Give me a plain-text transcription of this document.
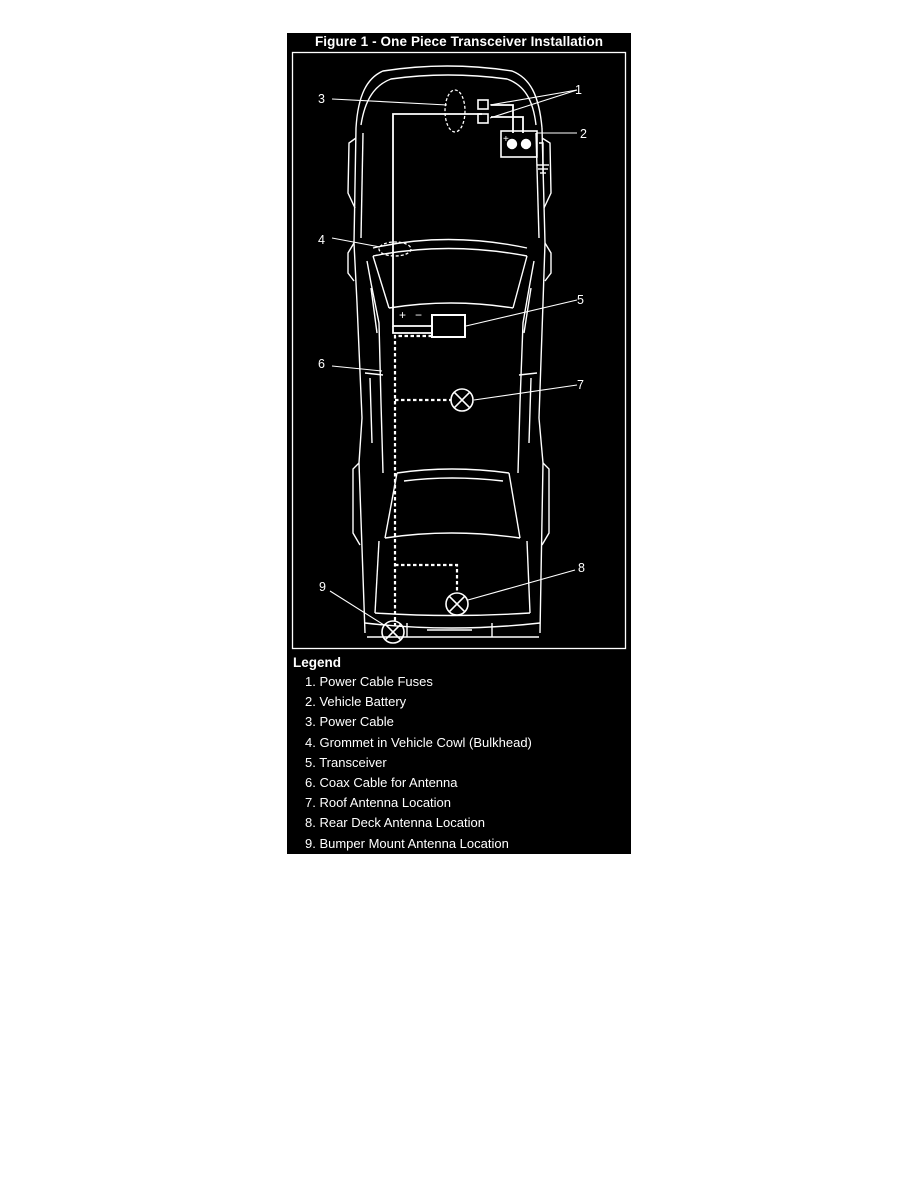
1
2
3
4
5
6
7
8
9
+
+ −
Figure 1 - One Piece Transceiver Installation
Legend
1. Power Cable Fuses
2. Vehicle Battery
3. Power Cable
4. Grommet in Vehicle Cowl (Bulkhead)
5. Transceiver
6. Coax Cable for Antenna
7. Roof Antenna Location
8. Rear Deck Antenna Location
9. Bumper Mount Antenna Location
